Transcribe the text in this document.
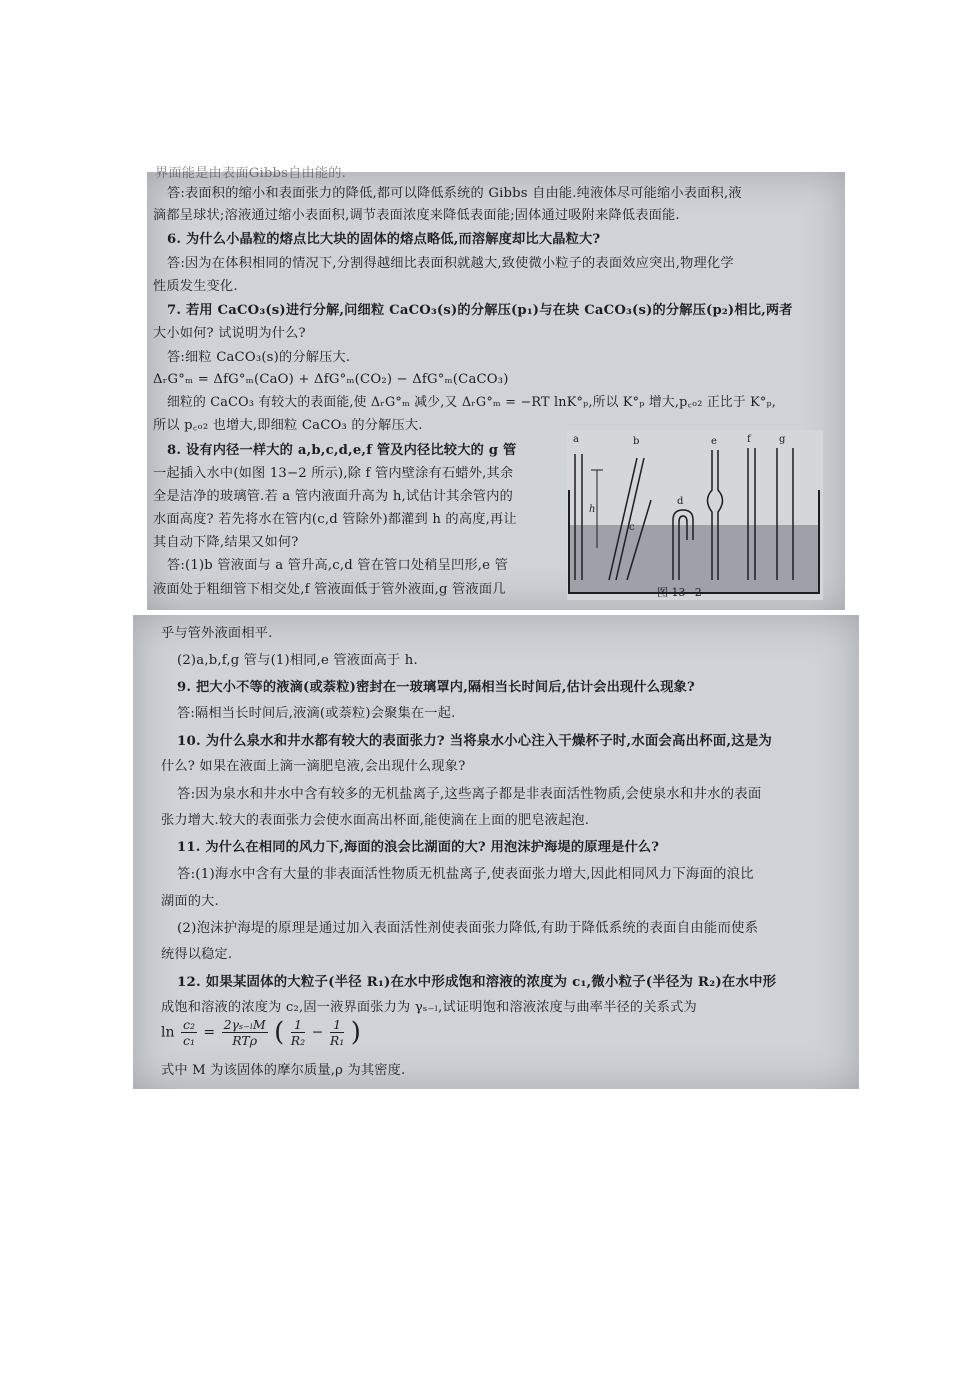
界面能是由表面Gibbs自由能的.
答:表面积的缩小和表面张力的降低,都可以降低系统的 Gibbs 自由能.纯液体尽可能缩小表面积,液
滴都呈球状;溶液通过缩小表面积,调节表面浓度来降低表面能;固体通过吸附来降低表面能.
6. 为什么小晶粒的熔点比大块的固体的熔点略低,而溶解度却比大晶粒大?
答:因为在体积相同的情况下,分割得越细比表面积就越大,致使微小粒子的表面效应突出,物理化学
性质发生变化.
7. 若用 CaCO₃(s)进行分解,问细粒 CaCO₃(s)的分解压(p₁)与在块 CaCO₃(s)的分解压(p₂)相比,两者
大小如何? 试说明为什么?
答:细粒 CaCO₃(s)的分解压大.
ΔᵣG°ₘ = ΔfG°ₘ(CaO) + ΔfG°ₘ(CO₂) − ΔfG°ₘ(CaCO₃)
细粒的 CaCO₃ 有较大的表面能,使 ΔᵣG°ₘ 减少,又 ΔᵣG°ₘ = −RT lnK°ₚ,所以 K°ₚ 增大,p꜀ₒ₂ 正比于 K°ₚ,
所以 p꜀ₒ₂ 也增大,即细粒 CaCO₃ 的分解压大.
8. 设有内径一样大的 a,b,c,d,e,f 管及内径比较大的 g 管
一起插入水中(如图 13−2 所示),除 f 管内壁涂有石蜡外,其余
全是洁净的玻璃管.若 a 管内液面升高为 h,试估计其余管内的
水面高度? 若先将水在管内(c,d 管除外)都灌到 h 的高度,再让
其自动下降,结果又如何?
答:(1)b 管液面与 a 管升高,c,d 管在管口处稍呈凹形,e 管
液面处于粗细管下相交处,f 管液面低于管外液面,g 管液面几
a	b
c
d
e	f	g
h
图 13−2
乎与管外液面相平.
(2)a,b,f,g 管与(1)相同,e 管液面高于 h.
9. 把大小不等的液滴(或萘粒)密封在一玻璃罩内,隔相当长时间后,估计会出现什么现象?
答:隔相当长时间后,液滴(或萘粒)会聚集在一起.
10. 为什么泉水和井水都有较大的表面张力? 当将泉水小心注入干燥杯子时,水面会高出杯面,这是为
什么? 如果在液面上滴一滴肥皂液,会出现什么现象?
答:因为泉水和井水中含有较多的无机盐离子,这些离子都是非表面活性物质,会使泉水和井水的表面
张力增大.较大的表面张力会使水面高出杯面,能使滴在上面的肥皂液起泡.
11. 为什么在相同的风力下,海面的浪会比湖面的大? 用泡沫护海堤的原理是什么?
答:(1)海水中含有大量的非表面活性物质无机盐离子,使表面张力增大,因此相同风力下海面的浪比
湖面的大.
(2)泡沫护海堤的原理是通过加入表面活性剂使表面张力降低,有助于降低系统的表面自由能而使系
统得以稳定.
12. 如果某固体的大粒子(半径 R₁)在水中形成饱和溶液的浓度为 c₁,微小粒子(半径为 R₂)在水中形
成饱和溶液的浓度为 c₂,固一液界面张力为 γₛ₋ₗ,试证明饱和溶液浓度与曲率半径的关系式为
$\ln \frac{\text{c₂}}{\text{c₁}} = \frac{\text{2γₛ₋ₗM}}{\text{RTρ}}$ ( $\frac{1}{\text{R₂}} - \frac{1}{\text{R₁}}$ )
式中 M 为该固体的摩尔质量,ρ 为其密度.
